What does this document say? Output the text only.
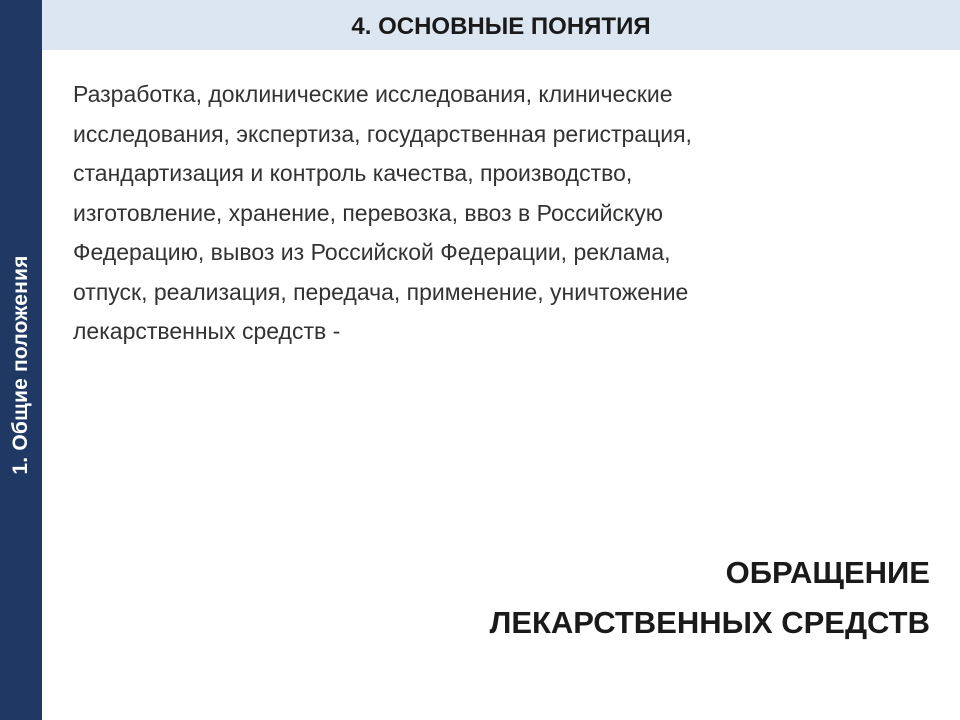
1. Общие положения
4. ОСНОВНЫЕ ПОНЯТИЯ

Разработка, доклинические исследования, клинические
исследования, экспертиза, государственная регистрация,
стандартизация и контроль качества, производство,
изготовление, хранение, перевозка, ввоз в Российскую
Федерацию, вывоз из Российской Федерации, реклама,
отпуск, реализация, передача, применение, уничтожение
лекарственных средств -

ОБРАЩЕНИЕ
ЛЕКАРСТВЕННЫХ СРЕДСТВ
